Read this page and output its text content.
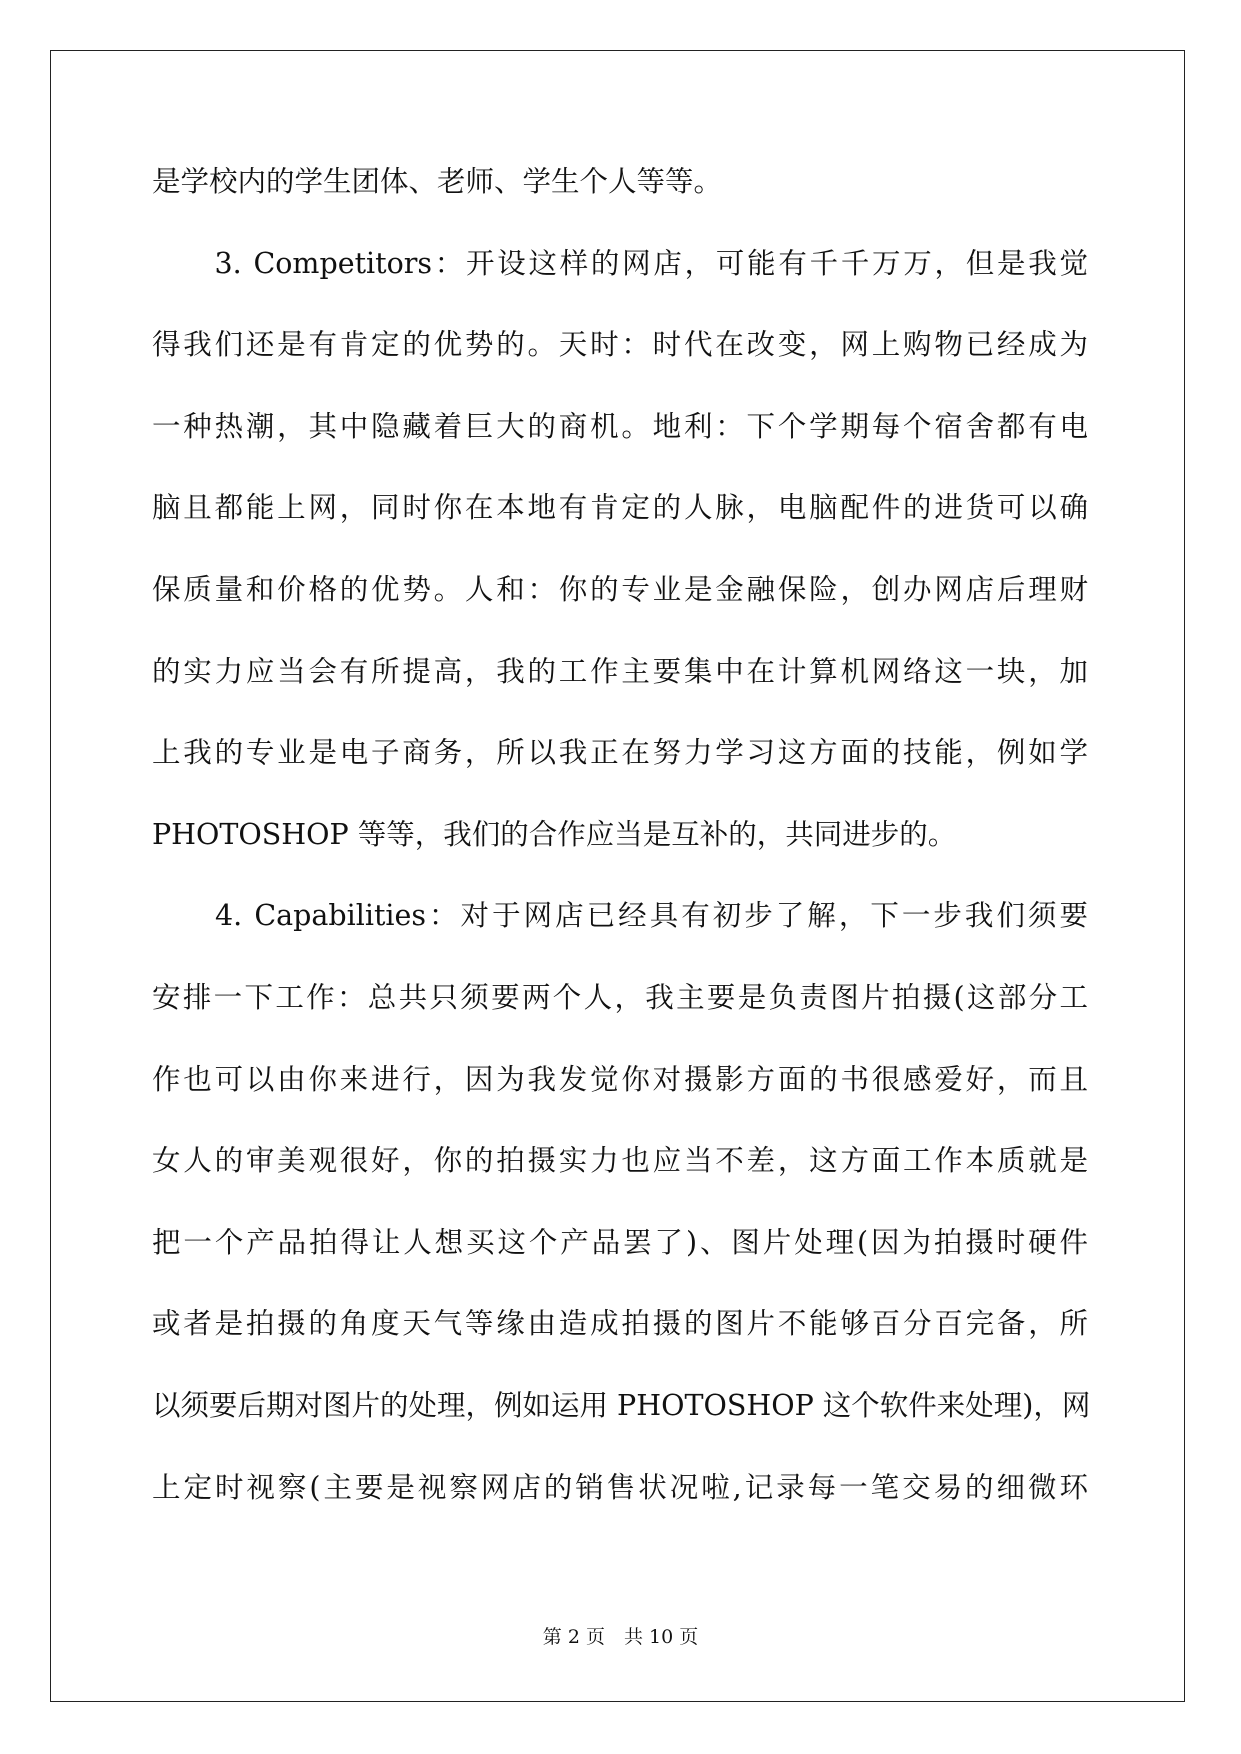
是学校内的学生团体、老师、学生个人等等。
　　3. Competitors：开设这样的网店，可能有千千万万，但是我觉
得我们还是有肯定的优势的。天时：时代在改变，网上购物已经成为
一种热潮，其中隐藏着巨大的商机。地利：下个学期每个宿舍都有电
脑且都能上网，同时你在本地有肯定的人脉，电脑配件的进货可以确
保质量和价格的优势。人和：你的专业是金融保险，创办网店后理财
的实力应当会有所提高，我的工作主要集中在计算机网络这一块，加
上我的专业是电子商务，所以我正在努力学习这方面的技能，例如学
PHOTOSHOP 等等，我们的合作应当是互补的，共同进步的。
　　4. Capabilities：对于网店已经具有初步了解，下一步我们须要
安排一下工作：总共只须要两个人，我主要是负责图片拍摄(这部分工
作也可以由你来进行，因为我发觉你对摄影方面的书很感爱好，而且
女人的审美观很好，你的拍摄实力也应当不差，这方面工作本质就是
把一个产品拍得让人想买这个产品罢了)、图片处理(因为拍摄时硬件
或者是拍摄的角度天气等缘由造成拍摄的图片不能够百分百完备，所
以须要后期对图片的处理，例如运用 PHOTOSHOP 这个软件来处理)，网
上定时视察(主要是视察网店的销售状况啦,记录每一笔交易的细微环
第 2 页　共 10 页
